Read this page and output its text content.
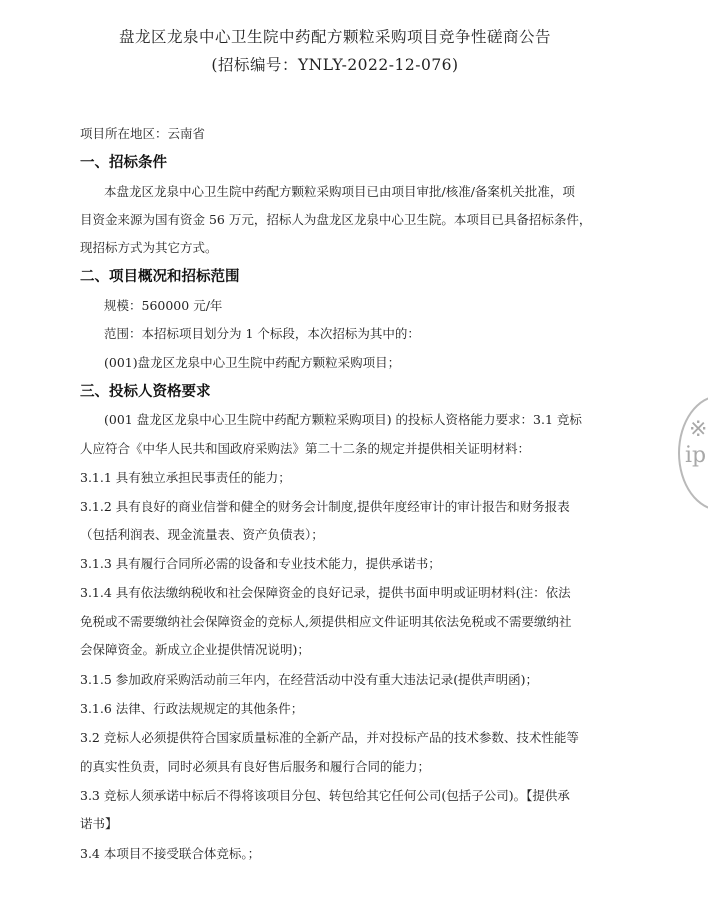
盘龙区龙泉中心卫生院中药配方颗粒采购项目竞争性磋商公告
(招标编号：YNLY-2022-12-076)
项目所在地区：云南省
一、招标条件
本盘龙区龙泉中心卫生院中药配方颗粒采购项目已由项目审批/核准/备案机关批准，项
目资金来源为国有资金 56 万元，招标人为盘龙区龙泉中心卫生院。本项目已具备招标条件，
现招标方式为其它方式。
二、项目概况和招标范围
规模：560000 元/年
范围：本招标项目划分为 1 个标段，本次招标为其中的：
(001)盘龙区龙泉中心卫生院中药配方颗粒采购项目；
三、投标人资格要求
(001 盘龙区龙泉中心卫生院中药配方颗粒采购项目) 的投标人资格能力要求：3.1 竞标
人应符合《中华人民共和国政府采购法》第二十二条的规定并提供相关证明材料：
3.1.1 具有独立承担民事责任的能力；
3.1.2 具有良好的商业信誉和健全的财务会计制度,提供年度经审计的审计报告和财务报表
（包括利润表、现金流量表、资产负债表）；
3.1.3 具有履行合同所必需的设备和专业技术能力，提供承诺书；
3.1.4 具有依法缴纳税收和社会保障资金的良好记录，提供书面申明或证明材料(注：依法
免税或不需要缴纳社会保障资金的竞标人,须提供相应文件证明其依法免税或不需要缴纳社
会保障资金。新成立企业提供情况说明)；
3.1.5 参加政府采购活动前三年内，在经营活动中没有重大违法记录(提供声明函)；
3.1.6 法律、行政法规规定的其他条件；
3.2 竞标人必须提供符合国家质量标准的全新产品，并对投标产品的技术参数、技术性能等
的真实性负责，同时必须具有良好售后服务和履行合同的能力；
3.3 竞标人须承诺中标后不得将该项目分包、转包给其它任何公司(包括子公司)。【提供承
诺书】
3.4 本项目不接受联合体竞标。；
※
ip
